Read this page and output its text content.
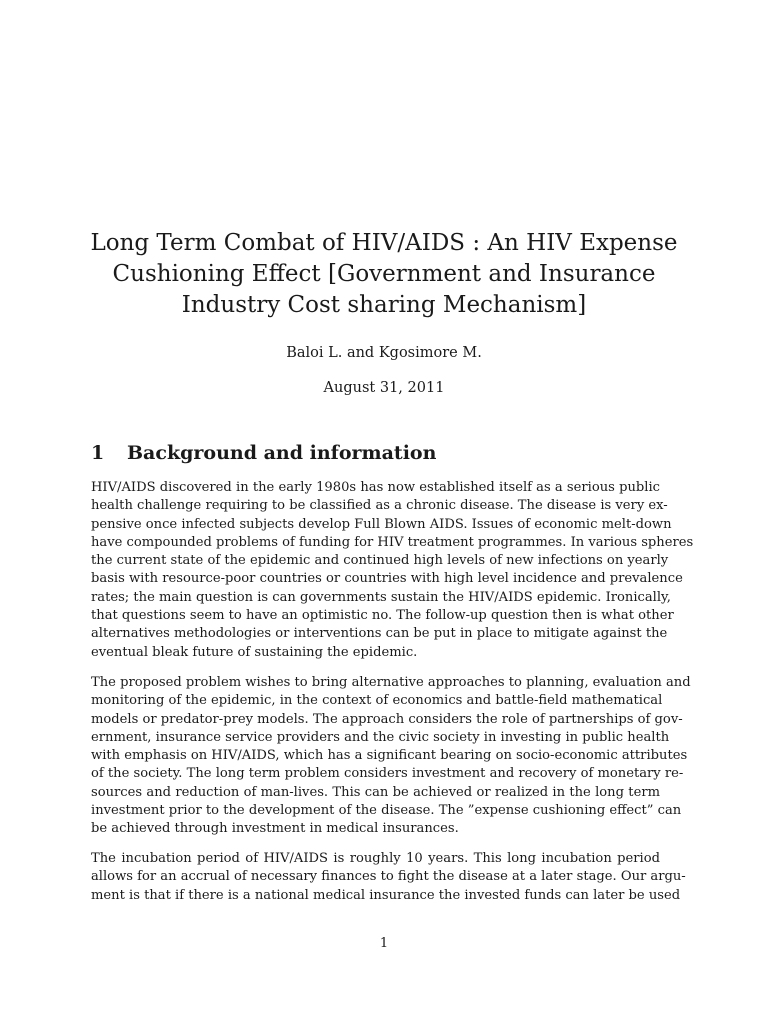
Long Term Combat of HIV/AIDS : An HIV Expense
Cushioning Effect [Government and Insurance
Industry Cost sharing Mechanism]
Baloi L. and Kgosimore M.
August 31, 2011
1 Background and information
HIV/AIDS discovered in the early 1980s has now established itself as a serious public
health challenge requiring to be classified as a chronic disease. The disease is very ex-
pensive once infected subjects develop Full Blown AIDS. Issues of economic melt-down
have compounded problems of funding for HIV treatment programmes. In various spheres
the current state of the epidemic and continued high levels of new infections on yearly
basis with resource-poor countries or countries with high level incidence and prevalence
rates; the main question is can governments sustain the HIV/AIDS epidemic. Ironically,
that questions seem to have an optimistic no. The follow-up question then is what other
alternatives methodologies or interventions can be put in place to mitigate against the
eventual bleak future of sustaining the epidemic.
The proposed problem wishes to bring alternative approaches to planning, evaluation and
monitoring of the epidemic, in the context of economics and battle-field mathematical
models or predator-prey models. The approach considers the role of partnerships of gov-
ernment, insurance service providers and the civic society in investing in public health
with emphasis on HIV/AIDS, which has a significant bearing on socio-economic attributes
of the society. The long term problem considers investment and recovery of monetary re-
sources and reduction of man-lives. This can be achieved or realized in the long term
investment prior to the development of the disease. The ”expense cushioning effect” can
be achieved through investment in medical insurances.
The incubation period of HIV/AIDS is roughly 10 years. This long incubation period
allows for an accrual of necessary finances to fight the disease at a later stage. Our argu-
ment is that if there is a national medical insurance the invested funds can later be used
1
